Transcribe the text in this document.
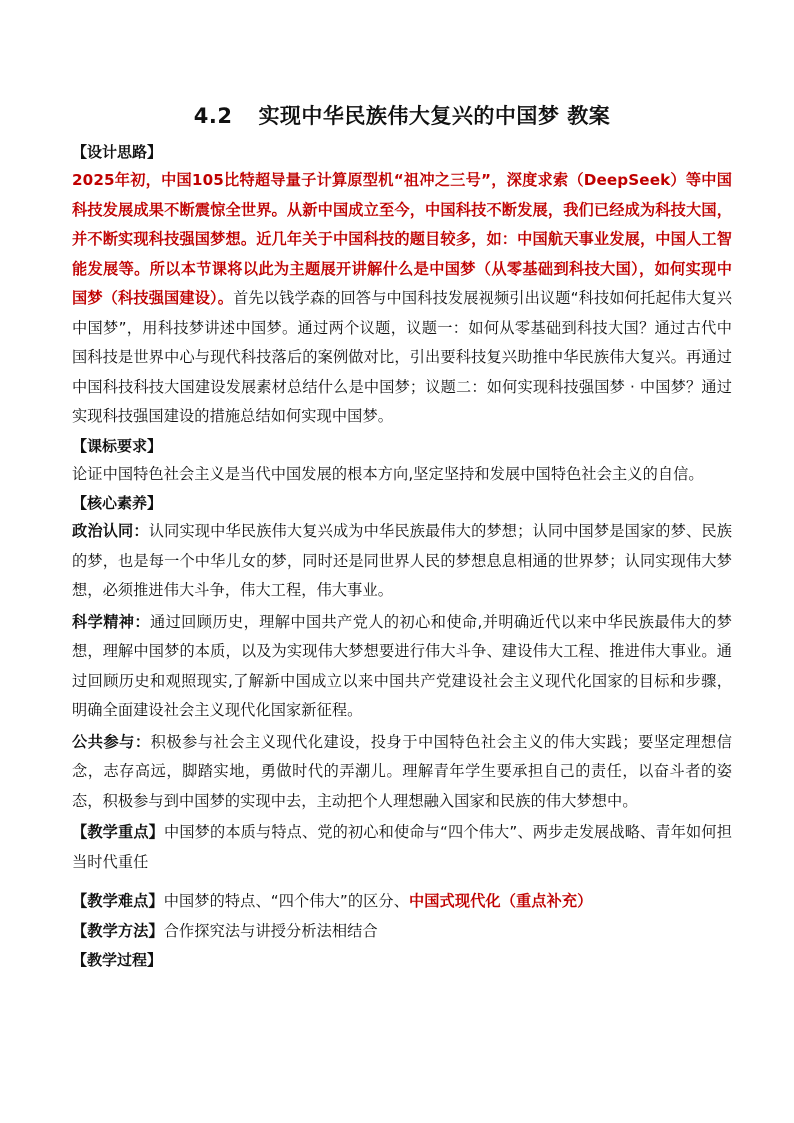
4.2 实现中华民族伟大复兴的中国梦 教案

【设计思路】

2025年初，中国105比特超导量子计算原型机“祖冲之三号”，深度求索（DeepSeek）等中国科技发展成果不断震惊全世界。从新中国成立至今，中国科技不断发展，我们已经成为科技大国，并不断实现科技强国梦想。近几年关于中国科技的题目较多，如：中国航天事业发展，中国人工智能发展等。所以本节课将以此为主题展开讲解什么是中国梦（从零基础到科技大国），如何实现中国梦（科技强国建设）。首先以钱学森的回答与中国科技发展视频引出议题“科技如何托起伟大复兴中国梦”，用科技梦讲述中国梦。通过两个议题，议题一：如何从零基础到科技大国？通过古代中国科技是世界中心与现代科技落后的案例做对比，引出要科技复兴助推中华民族伟大复兴。再通过中国科技科技大国建设发展素材总结什么是中国梦；议题二：如何实现科技强国梦 · 中国梦？通过实现科技强国建设的措施总结如何实现中国梦。

【课标要求】

论证中国特色社会主义是当代中国发展的根本方向,坚定坚持和发展中国特色社会主义的自信。

【核心素养】

政治认同：认同实现中华民族伟大复兴成为中华民族最伟大的梦想；认同中国梦是国家的梦、民族的梦，也是每一个中华儿女的梦，同时还是同世界人民的梦想息息相通的世界梦；认同实现伟大梦想，必须推进伟大斗争，伟大工程，伟大事业。

科学精神：通过回顾历史，理解中国共产党人的初心和使命,并明确近代以来中华民族最伟大的梦想，理解中国梦的本质，以及为实现伟大梦想要进行伟大斗争、建设伟大工程、推进伟大事业。通过回顾历史和观照现实,了解新中国成立以来中国共产党建设社会主义现代化国家的目标和步骤，明确全面建设社会主义现代化国家新征程。

公共参与：积极参与社会主义现代化建设，投身于中国特色社会主义的伟大实践；要坚定理想信念，志存高远，脚踏实地，勇做时代的弄潮儿。理解青年学生要承担自己的责任，以奋斗者的姿态，积极参与到中国梦的实现中去，主动把个人理想融入国家和民族的伟大梦想中。

【教学重点】中国梦的本质与特点、党的初心和使命与“四个伟大”、两步走发展战略、青年如何担当时代重任

【教学难点】中国梦的特点、“四个伟大”的区分、中国式现代化（重点补充）

【教学方法】合作探究法与讲授分析法相结合

【教学过程】
